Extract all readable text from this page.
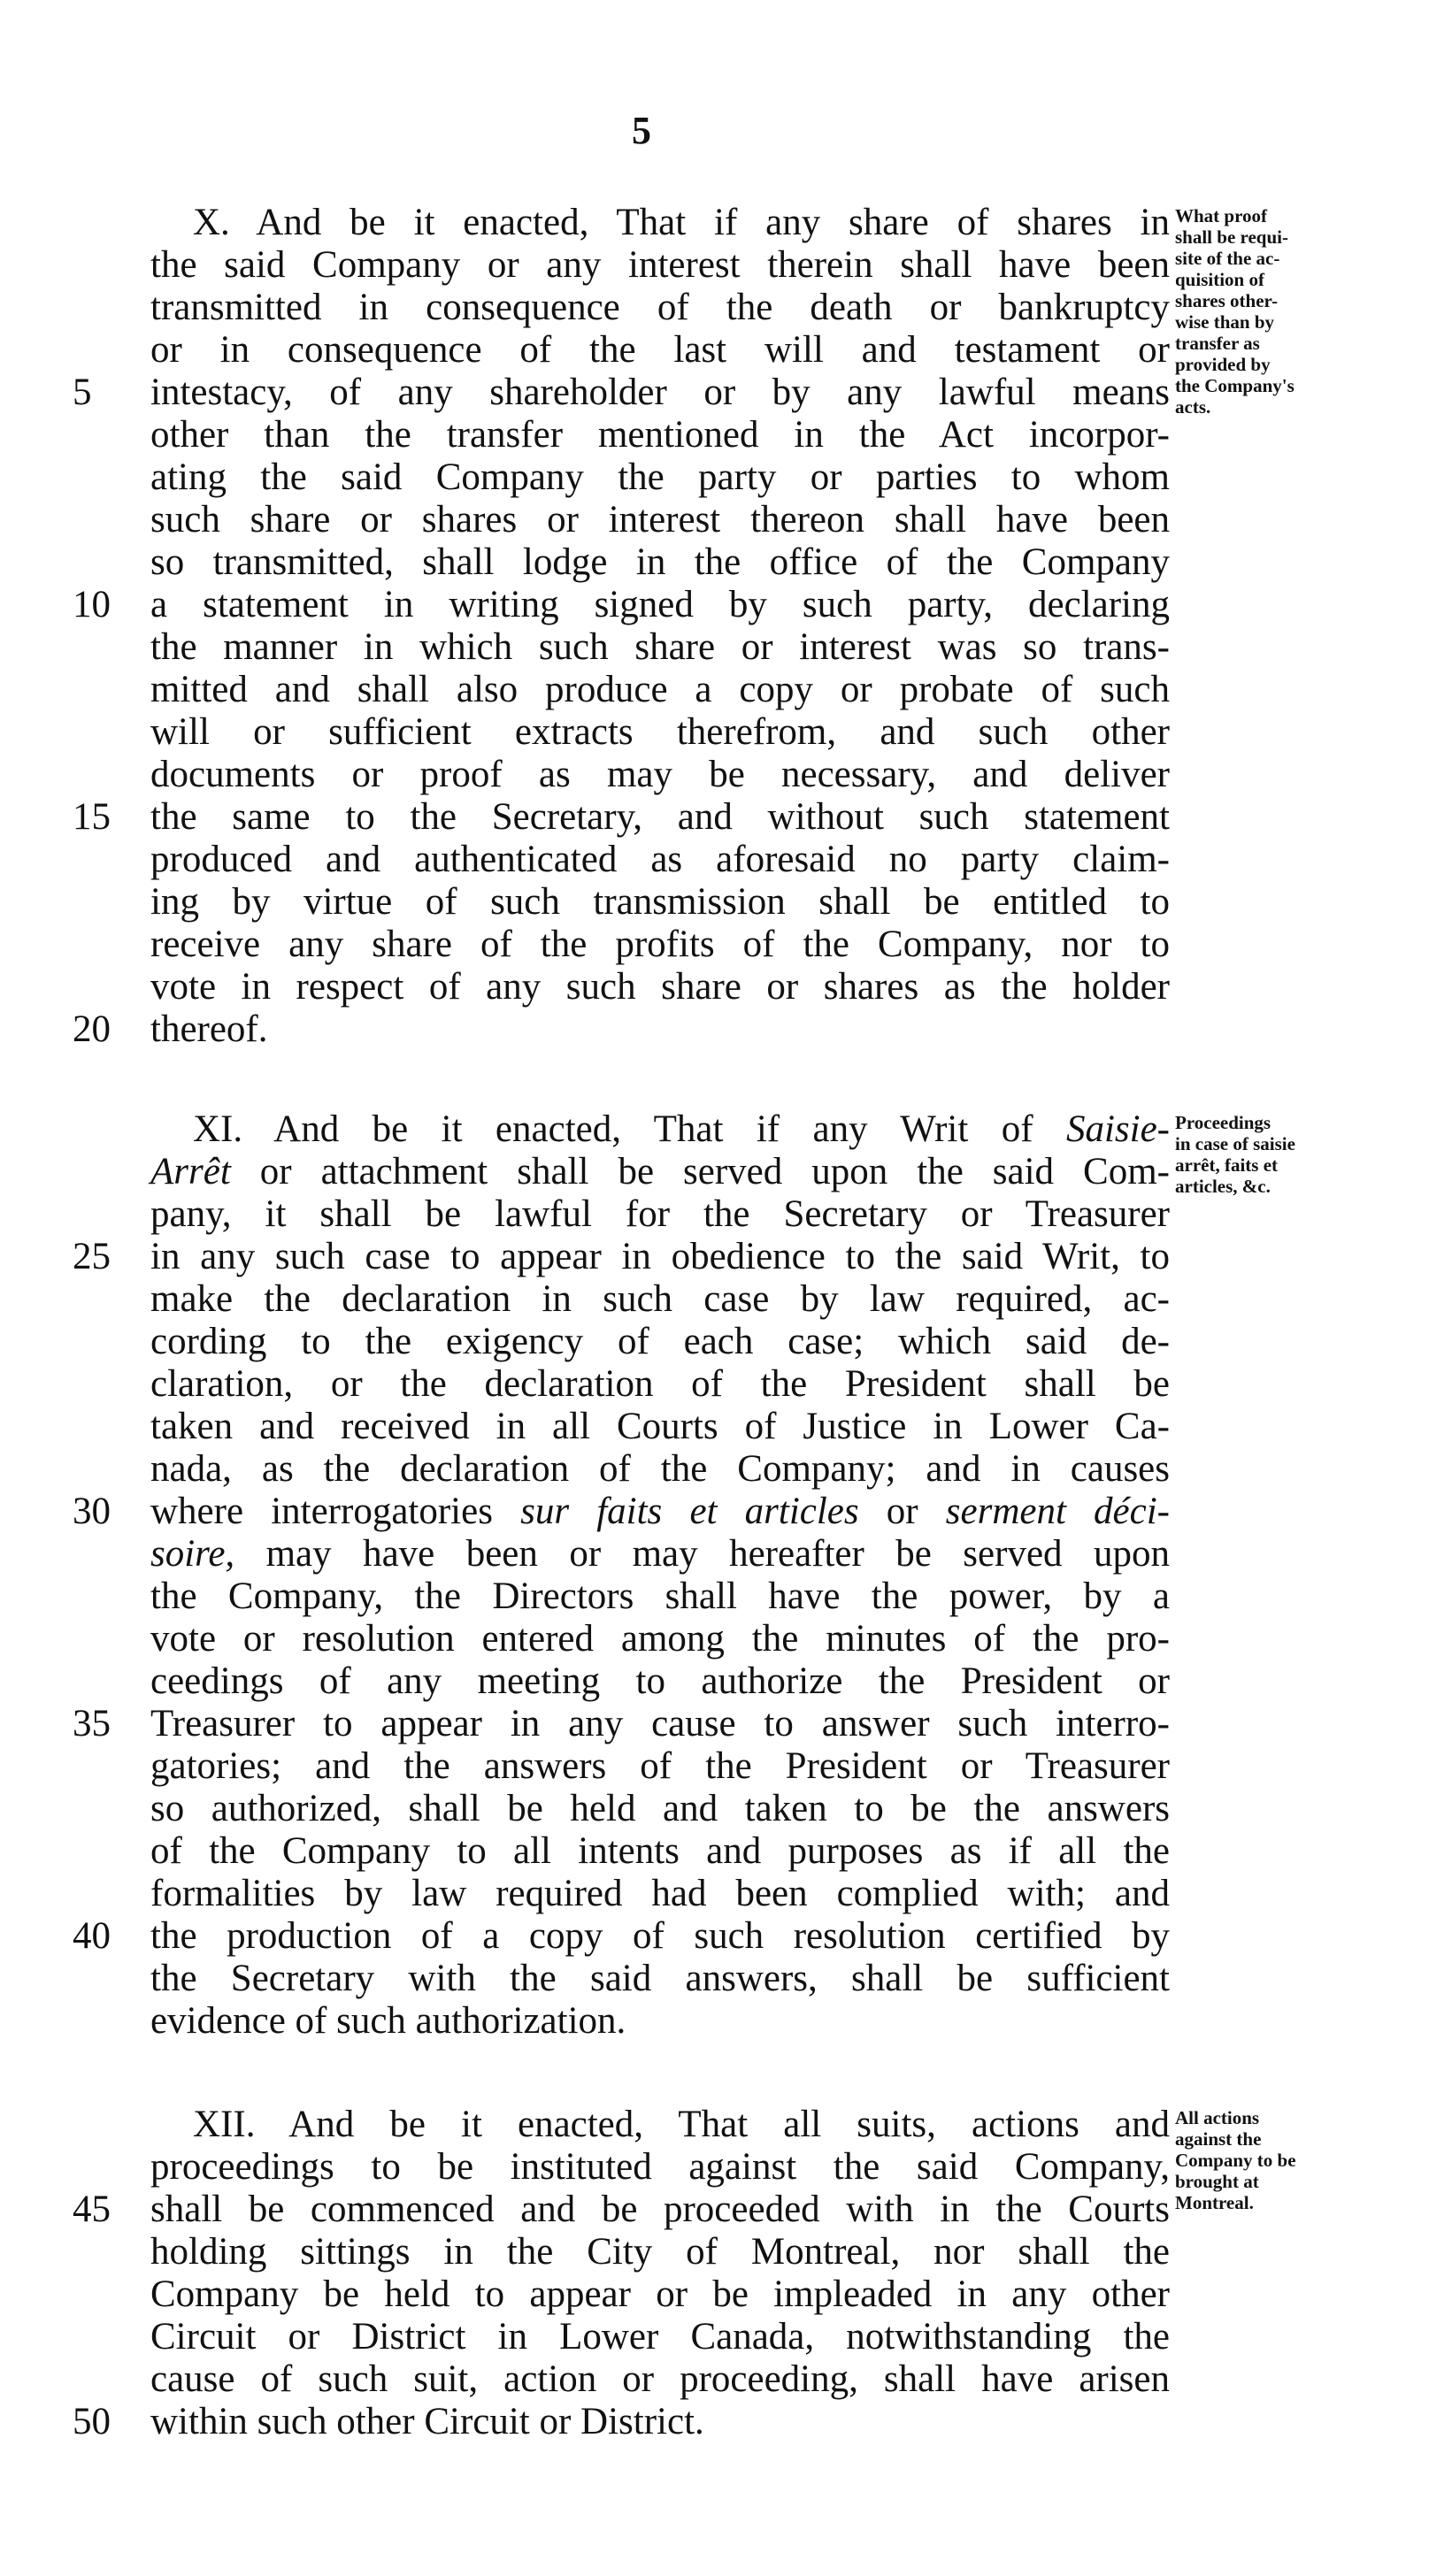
5
X. And be it enacted, That if any share of shares in
the said Company or any interest therein shall have been
transmitted in consequence of the death or bankruptcy
or in consequence of the last will and testament or
intestacy, of any shareholder or by any lawful means
other than the transfer mentioned in the Act incorpor-
ating the said Company the party or parties to whom
such share or shares or interest thereon shall have been
so transmitted, shall lodge in the office of the Company
a statement in writing signed by such party, declaring
the manner in which such share or interest was so trans-
mitted and shall also produce a copy or probate of such
will or sufficient extracts therefrom, and such other
documents or proof as may be necessary, and deliver
the same to the Secretary, and without such statement
produced and authenticated as aforesaid no party claim-
ing by virtue of such transmission shall be entitled to
receive any share of the profits of the Company, nor to
vote in respect of any such share or shares as the holder
thereof.
5
10
15
20
What proof
shall be requi-
site of the ac-
quisition of
shares other-
wise than by
transfer as
provided by
the Company's
acts.
XI. And be it enacted, That if any Writ of Saisie-
Arrêt or attachment shall be served upon the said Com-
pany, it shall be lawful for the Secretary or Treasurer
in any such case to appear in obedience to the said Writ, to
make the declaration in such case by law required, ac-
cording to the exigency of each case; which said de-
claration, or the declaration of the President shall be
taken and received in all Courts of Justice in Lower Ca-
nada, as the declaration of the Company; and in causes
where interrogatories sur faits et articles or serment déci-
soire, may have been or may hereafter be served upon
the Company, the Directors shall have the power, by a
vote or resolution entered among the minutes of the pro-
ceedings of any meeting to authorize the President or
Treasurer to appear in any cause to answer such interro-
gatories; and the answers of the President or Treasurer
so authorized, shall be held and taken to be the answers
of the Company to all intents and purposes as if all the
formalities by law required had been complied with; and
the production of a copy of such resolution certified by
the Secretary with the said answers, shall be sufficient
evidence of such authorization.
25
30
35
40
Proceedings
in case of saisie
arrêt, faits et
articles, &c.
XII. And be it enacted, That all suits, actions and
proceedings to be instituted against the said Company,
shall be commenced and be proceeded with in the Courts
holding sittings in the City of Montreal, nor shall the
Company be held to appear or be impleaded in any other
Circuit or District in Lower Canada, notwithstanding the
cause of such suit, action or proceeding, shall have arisen
within such other Circuit or District.
45
50
All actions
against the
Company to be
brought at
Montreal.
